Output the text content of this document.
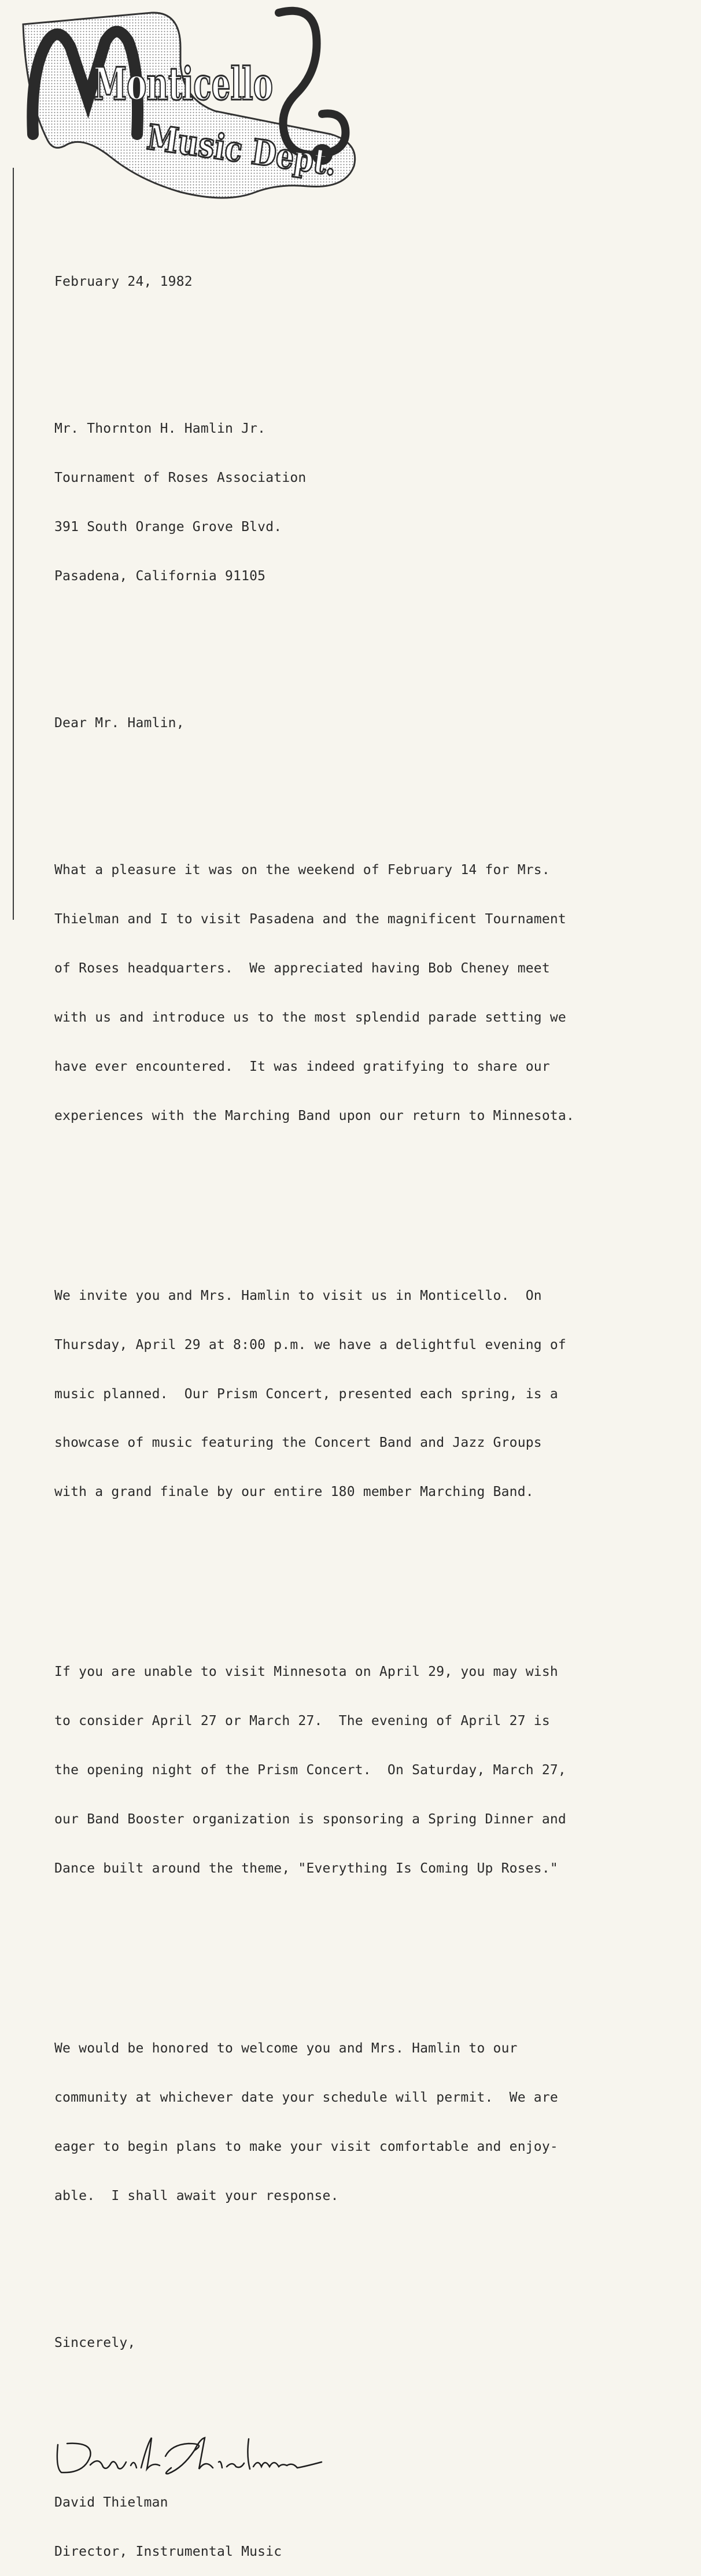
Monticello
Music Dept.

February 24, 1982

Mr. Thornton H. Hamlin Jr.

Tournament of Roses Association

391 South Orange Grove Blvd.

Pasadena, California 91105

Dear Mr. Hamlin,

What a pleasure it was on the weekend of February 14 for Mrs.

Thielman and I to visit Pasadena and the magnificent Tournament

of Roses headquarters.  We appreciated having Bob Cheney meet

with us and introduce us to the most splendid parade setting we

have ever encountered.  It was indeed gratifying to share our

experiences with the Marching Band upon our return to Minnesota.

We invite you and Mrs. Hamlin to visit us in Monticello.  On

Thursday, April 29 at 8:00 p.m. we have a delightful evening of

music planned.  Our Prism Concert, presented each spring, is a

showcase of music featuring the Concert Band and Jazz Groups

with a grand finale by our entire 180 member Marching Band.

If you are unable to visit Minnesota on April 29, you may wish

to consider April 27 or March 27.  The evening of April 27 is

the opening night of the Prism Concert.  On Saturday, March 27,

our Band Booster organization is sponsoring a Spring Dinner and

Dance built around the theme, "Everything Is Coming Up Roses."

We would be honored to welcome you and Mrs. Hamlin to our

community at whichever date your schedule will permit.  We are

eager to begin plans to make your visit comfortable and enjoy-

able.  I shall await your response.

Sincerely,

David Thielman

Director, Instrumental Music
